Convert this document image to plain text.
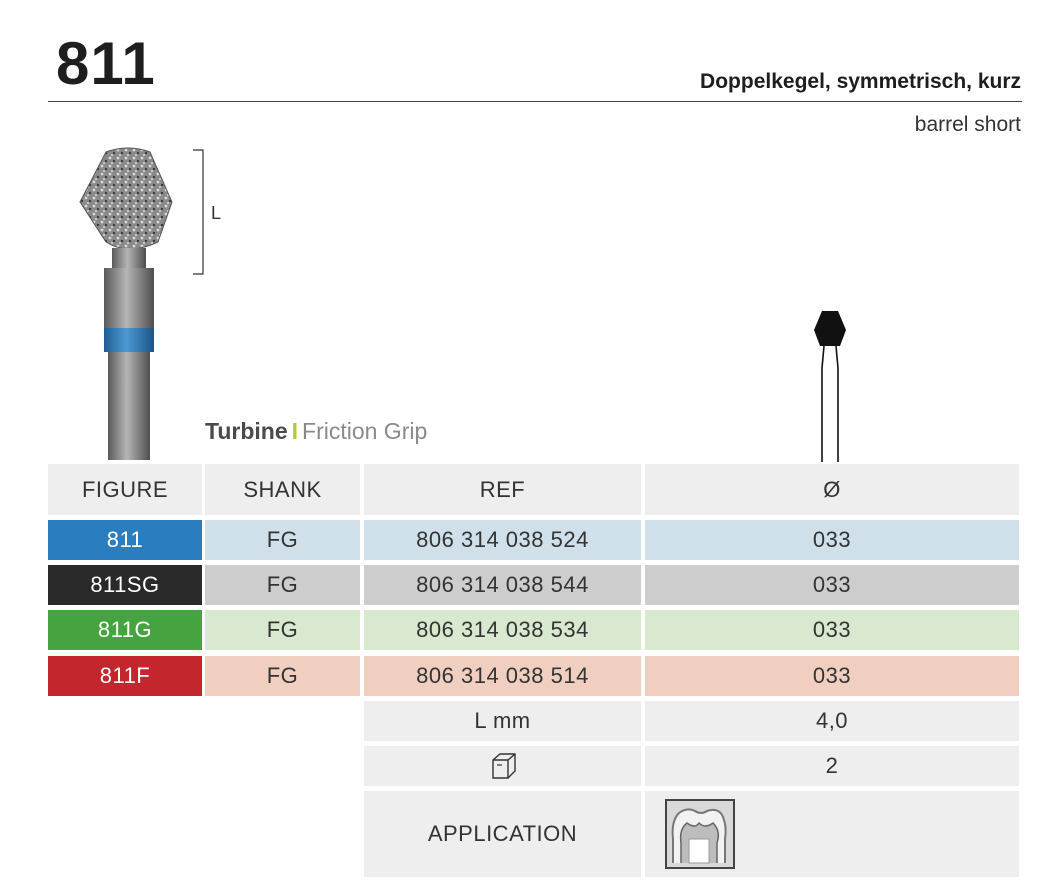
811	Doppelkegel, symmetrisch, kurz
barrel short
L
Turbine I Friction Grip
FIGURE	SHANK	REF	Ø
811	FG	806 314 038 524	033
811SG	FG	806 314 038 544	033
811G	FG	806 314 038 534	033
811F	FG	806 314 038 514	033
L mm	4,0
2
APPLICATION
